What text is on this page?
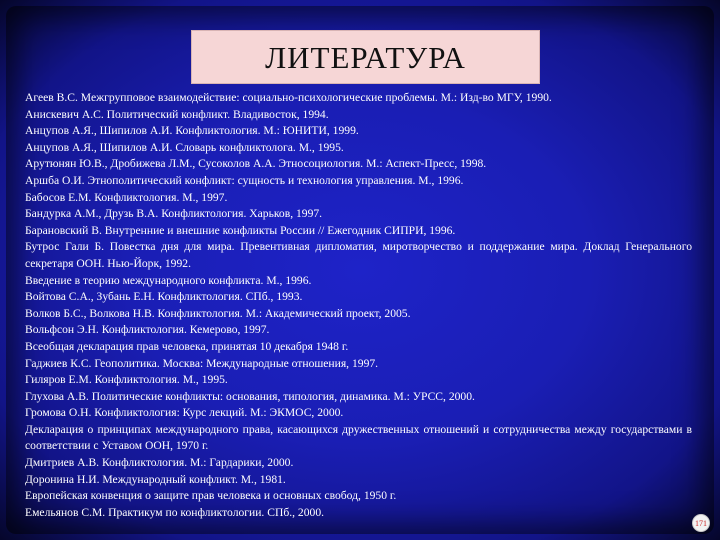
ЛИТЕРАТУРА
Агеев В.С. Межгрупповое взаимодействие: социально-психологические проблемы. М.: Изд-во МГУ, 1990.
Анискевич А.С. Политический конфликт. Владивосток, 1994.
Анцупов А.Я., Шипилов А.И. Конфликтология. М.: ЮНИТИ, 1999.
Анцупов А.Я., Шипилов А.И. Словарь конфликтолога. М., 1995.
Арутюнян Ю.В., Дробижева Л.М., Сусоколов А.А. Этносоциология. М.: Аспект-Пресс, 1998.
Аршба О.И. Этнополитический конфликт: сущность и технология управления. М., 1996.
Бабосов Е.М. Конфликтология. М., 1997.
Бандурка А.М., Друзь В.А. Конфликтология. Харьков, 1997.
Барановский В. Внутренние и внешние конфликты России // Ежегодник СИПРИ, 1996.
Бутрос Гали Б. Повестка дня для мира. Превентивная дипломатия, миротворчество и поддержание мира. Доклад Генерального секретаря ООН. Нью-Йорк, 1992.
Введение в теорию международного конфликта. М., 1996.
Войтова С.А., Зубань Е.Н. Конфликтология. СПб., 1993.
Волков Б.С., Волкова Н.В. Конфликтология. М.: Академический проект, 2005.
Вольфсон Э.Н. Конфликтология. Кемерово, 1997.
Всеобщая декларация прав человека, принятая 10 декабря 1948 г.
Гаджиев К.С. Геополитика. Москва: Международные отношения, 1997.
Гиляров Е.М. Конфликтология. М., 1995.
Глухова А.В. Политические конфликты: основания, типология, динамика. М.: УРСС, 2000.
Громова О.Н. Конфликтология: Курс лекций. М.: ЭКМОС, 2000.
Декларация о принципах международного права, касающихся дружественных отношений и сотрудничества между государствами в соответствии с Уставом ООН, 1970 г.
Дмитриев А.В. Конфликтология. М.: Гардарики, 2000.
Доронина Н.И. Международный конфликт. М., 1981.
Европейская конвенция о защите прав человека и основных свобод, 1950 г.
Емельянов С.М. Практикум по конфликтологии. СПб., 2000.
171
